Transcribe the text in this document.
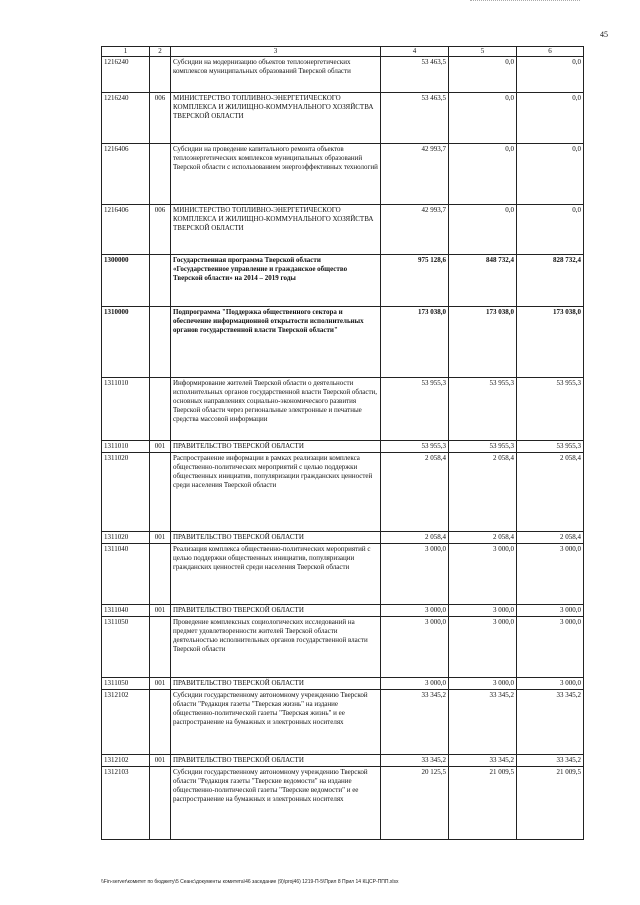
45
1	2	3	4	5	6
1216240		Субсидии на модернизацию объектов теплоэнергетических комплексов муниципальных образований Тверской области	53 463,5	0,0	0,0
1216240	006	МИНИСТЕРСТВО ТОПЛИВНО-ЭНЕРГЕТИЧЕСКОГО КОМПЛЕКСА И ЖИЛИЩНО-КОММУНАЛЬНОГО ХОЗЯЙСТВА ТВЕРСКОЙ ОБЛАСТИ	53 463,5	0,0	0,0
1216406		Субсидии на проведение капитального ремонта объектов теплоэнергетических комплексов муниципальных образований Тверской области с использованием энергоэффективных технологий	42 993,7	0,0	0,0
1216406	006	МИНИСТЕРСТВО ТОПЛИВНО-ЭНЕРГЕТИЧЕСКОГО КОМПЛЕКСА И ЖИЛИЩНО-КОММУНАЛЬНОГО ХОЗЯЙСТВА ТВЕРСКОЙ ОБЛАСТИ	42 993,7	0,0	0,0
1300000		Государственная программа Тверской области «Государственное управление и гражданское общество Тверской области» на 2014 – 2019 годы	975 128,6	848 732,4	828 732,4
1310000		Подпрограмма "Поддержка общественного сектора и обеспечение информационной открытости исполнительных органов государственной власти Тверской области"	173 038,0	173 038,0	173 038,0
1311010		Информирование жителей Тверской области о деятельности исполнительных органов государственной власти Тверской области, основных направлениях социально-экономического развития Тверской области через региональные электронные и печатные средства массовой информации	53 955,3	53 955,3	53 955,3
1311010	001	ПРАВИТЕЛЬСТВО ТВЕРСКОЙ ОБЛАСТИ	53 955,3	53 955,3	53 955,3
1311020		Распространение информации в рамках реализации комплекса общественно-политических мероприятий с целью поддержки общественных инициатив, популяризации гражданских ценностей среди населения Тверской области	2 058,4	2 058,4	2 058,4
1311020	001	ПРАВИТЕЛЬСТВО ТВЕРСКОЙ ОБЛАСТИ	2 058,4	2 058,4	2 058,4
1311040		Реализация комплекса общественно-политических мероприятий с целью поддержки общественных инициатив, популяризации гражданских ценностей среди населения Тверской области	3 000,0	3 000,0	3 000,0
1311040	001	ПРАВИТЕЛЬСТВО ТВЕРСКОЙ ОБЛАСТИ	3 000,0	3 000,0	3 000,0
1311050		Проведение комплексных социологических исследований на предмет удовлетворенности жителей Тверской области деятельностью исполнительных органов государственной власти Тверской области	3 000,0	3 000,0	3 000,0
1311050	001	ПРАВИТЕЛЬСТВО ТВЕРСКОЙ ОБЛАСТИ	3 000,0	3 000,0	3 000,0
1312102		Субсидии государственному автономному учреждению Тверской области "Редакция газеты "Тверская жизнь" на издание общественно-политической газеты "Тверская жизнь" и ее распространение на бумажных и электронных носителях	33 345,2	33 345,2	33 345,2
1312102	001	ПРАВИТЕЛЬСТВО ТВЕРСКОЙ ОБЛАСТИ	33 345,2	33 345,2	33 345,2
1312103		Субсидии государственному автономному учреждению Тверской области "Редакция газеты "Тверские ведомости" на издание общественно-политической газеты "Тверские ведомости" и ее распространение на бумажных и электронных носителях	20 125,5	21 009,5	21 009,5
\\Fin-server\комитет по бюджету\5 Сеанс\документы комитета\46 заседание (9)\proj46) 1219-П-5\Прил 8 Прил 14 КЦСР-ППП.xlsx
